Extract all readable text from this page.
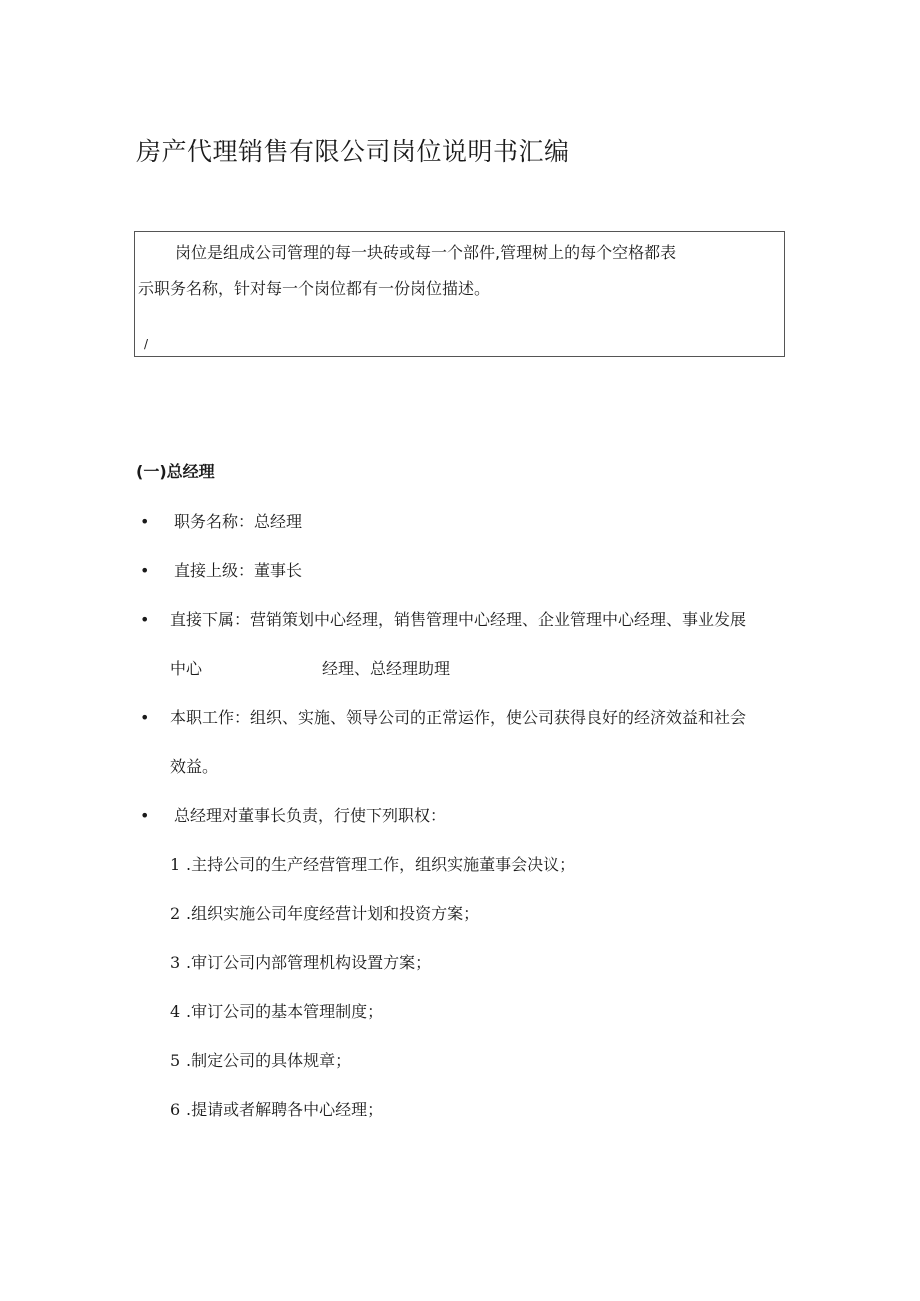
房产代理销售有限公司岗位说明书汇编
岗位是组成公司管理的每一块砖或每一个部件,管理树上的每个空格都表
示职务名称，针对每一个岗位都有一份岗位描述。
/
(一)总经理
• 职务名称：总经理
• 直接上级：董事长
• 直接下属：营销策划中心经理，销售管理中心经理、企业管理中心经理、事业发展
中心	经理、总经理助理
• 本职工作：组织、实施、领导公司的正常运作，使公司获得良好的经济效益和社会
效益。
• 总经理对董事长负责，行使下列职权：
1 .主持公司的生产经营管理工作，组织实施董事会决议；
2 .组织实施公司年度经营计划和投资方案；
3 .审订公司内部管理机构设置方案；
4 .审订公司的基本管理制度；
5 .制定公司的具体规章；
6 .提请或者解聘各中心经理；
